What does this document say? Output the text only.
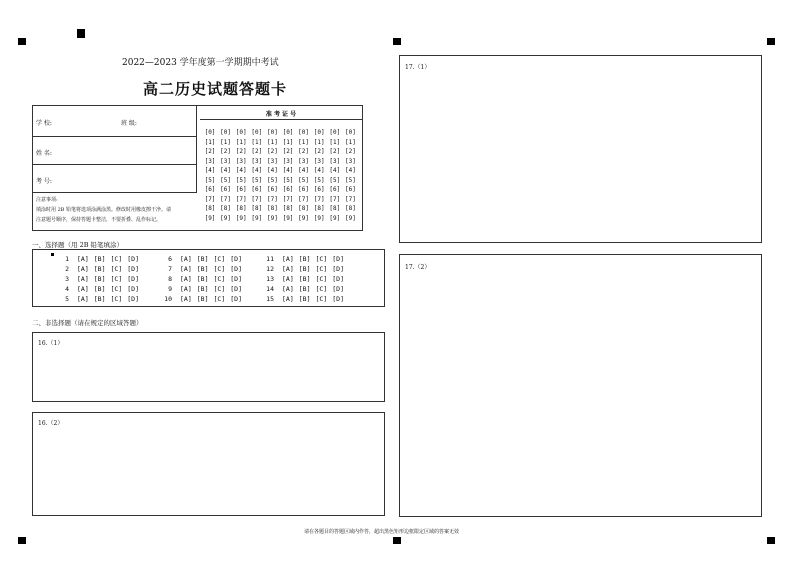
2022—2023 学年度第一学期期中考试
高二历史试题答题卡
学 校:	班 级:
姓 名:
考 号:
注意事项:
填涂时用 2B 铅笔将选项涂满涂黑。修改时用橡皮擦干净。请
注意题号顺序，保持答题卡整洁，不要折叠、乱作标记。
准 考 证 号
[0]
[1]
[2]
[3]
[4]
[5]
[6]
[7]
[8]
[9]
[0]
[1]
[2]
[3]
[4]
[5]
[6]
[7]
[8]
[9]
[0]
[1]
[2]
[3]
[4]
[5]
[6]
[7]
[8]
[9]
[0]
[1]
[2]
[3]
[4]
[5]
[6]
[7]
[8]
[9]
[0]
[1]
[2]
[3]
[4]
[5]
[6]
[7]
[8]
[9]
[0]
[1]
[2]
[3]
[4]
[5]
[6]
[7]
[8]
[9]
[0]
[1]
[2]
[3]
[4]
[5]
[6]
[7]
[8]
[9]
[0]
[1]
[2]
[3]
[4]
[5]
[6]
[7]
[8]
[9]
[0]
[1]
[2]
[3]
[4]
[5]
[6]
[7]
[8]
[9]
[0]
[1]
[2]
[3]
[4]
[5]
[6]
[7]
[8]
[9]
一、选择题（用 2B 铅笔填涂）
1 [A] [B] [C] [D]
2 [A] [B] [C] [D]
3 [A] [B] [C] [D]
4 [A] [B] [C] [D]
5 [A] [B] [C] [D]
6 [A] [B] [C] [D]
7 [A] [B] [C] [D]
8 [A] [B] [C] [D]
9 [A] [B] [C] [D]
10 [A] [B] [C] [D]
11 [A] [B] [C] [D]
12 [A] [B] [C] [D]
13 [A] [B] [C] [D]
14 [A] [B] [C] [D]
15 [A] [B] [C] [D]
二、非选择题（请在规定的区域答题）
16.（1）
16.（2）
17.（1）
17.（2）
请在各题目的答题区域内作答，超出黑色矩形边框限定区域的答案无效
